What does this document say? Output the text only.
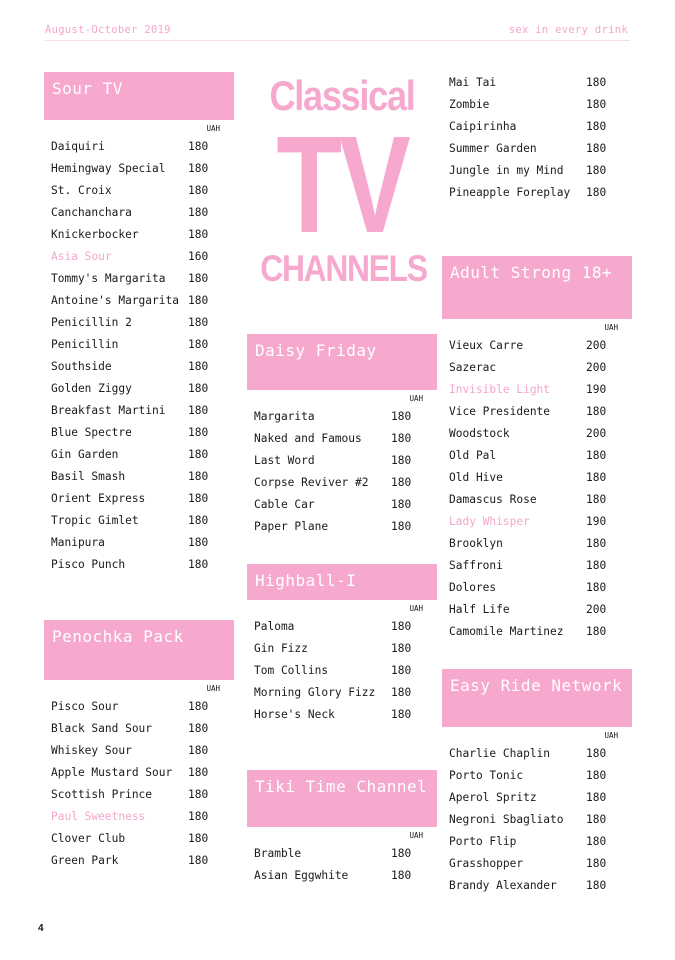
August-October 2019	sex in every drink
Sour TV
UAH
Daiquiri	180
Hemingway Special	180
St. Croix	180
Canchanchara	180
Knickerbocker	180
Asia Sour	160
Tommy's Margarita	180
Antoine's Margarita 180
Penicillin 2	180
Penicillin	180
Southside	180
Golden Ziggy	180
Breakfast Martini	180
Blue Spectre	180
Gin Garden	180
Basil Smash	180
Orient Express	180
Tropic Gimlet	180
Manipura	180
Pisco Punch	180
Penochka Pack
UAH
Pisco Sour	180
Black Sand Sour	180
Whiskey Sour	180
Apple Mustard Sour	180
Scottish Prince	180
Paul Sweetness	180
Clover Club	180
Green Park	180
Classical
TV
CHANNELS
Daisy Friday
UAH
Margarita	180
Naked and Famous	180
Last Word	180
Corpse Reviver #2	180
Cable Car	180
Paper Plane	180
Highball-I
UAH
Paloma	180
Gin Fizz	180
Tom Collins	180
Morning Glory Fizz	180
Horse's Neck	180
Tiki Time Channel
UAH
Bramble	180
Asian Eggwhite	180
Mai Tai	180
Zombie	180
Caipirinha	180
Summer Garden	180
Jungle in my Mind	180
Pineapple Foreplay	180
Adult Strong 18+
UAH
Vieux Carre	200
Sazerac	200
Invisible Light	190
Vice Presidente	180
Woodstock	200
Old Pal	180
Old Hive	180
Damascus Rose	180
Lady Whisper	190
Brooklyn	180
Saffroni	180
Dolores	180
Half Life	200
Camomile Martinez	180
Easy Ride Network
UAH
Charlie Chaplin	180
Porto Tonic	180
Aperol Spritz	180
Negroni Sbagliato	180
Porto Flip	180
Grasshopper	180
Brandy Alexander	180
4
